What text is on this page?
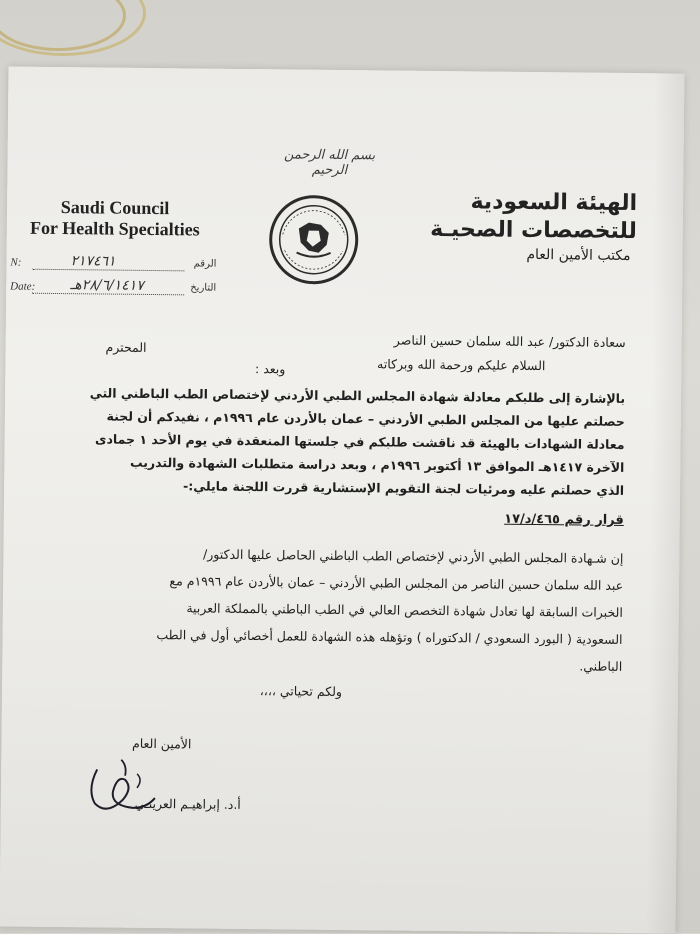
بسم الله الرحمن الرحيم
Saudi Council
For Health Specialties
الهيئة السعودية
للتخصصات الصحيـة
مكتب الأمين العام
N:	٢١٧٤٦١	الرقم
Date: ٢٨/٦/١٤١٧هـ	التاريخ
سعادة الدكتور/ عبد الله سلمان حسين الناصر
المحترم
السلام عليكم ورحمة الله وبركاته
وبعد :
بالإشارة إلى طلبكم معادلة شهادة المجلس الطبي الأردني لإختصاص الطب الباطني التي
حصلتم عليها من المجلس الطبي الأردني – عمان بالأردن عام ١٩٩٦م ، نفيدكم أن لجنة
معادلة الشهادات بالهيئة قد ناقشت طلبكم في جلستها المنعقدة في يوم الأحد ١ جمادى
الآخرة ١٤١٧هـ الموافق ١٣ أكتوبر ١٩٩٦م ، وبعد دراسة متطلبات الشهادة والتدريب
الذي حصلتم عليه ومرئيات لجنة التقويم الإستشارية قررت اللجنة مايلي:-
قرار رقم ٤٦٥/د/١٧
إن شـهادة المجلس الطبي الأردني لإختصاص الطب الباطني الحاصل عليها الدكتور/
عبد الله سلمان حسين الناصر من المجلس الطبي الأردني – عمان بالأردن عام ١٩٩٦م مع
الخبرات السابقة لها تعادل شهادة التخصص العالي في الطب الباطني بالمملكة العربية
السعودية ( البورد السعودي / الدكتوراه ) وتؤهله هذه الشهادة للعمل أخصائي أول في الطب
الباطني.
ولكم تحياتي ،،،،
الأمين العام
أ.د. إبراهيـم العرينـي
